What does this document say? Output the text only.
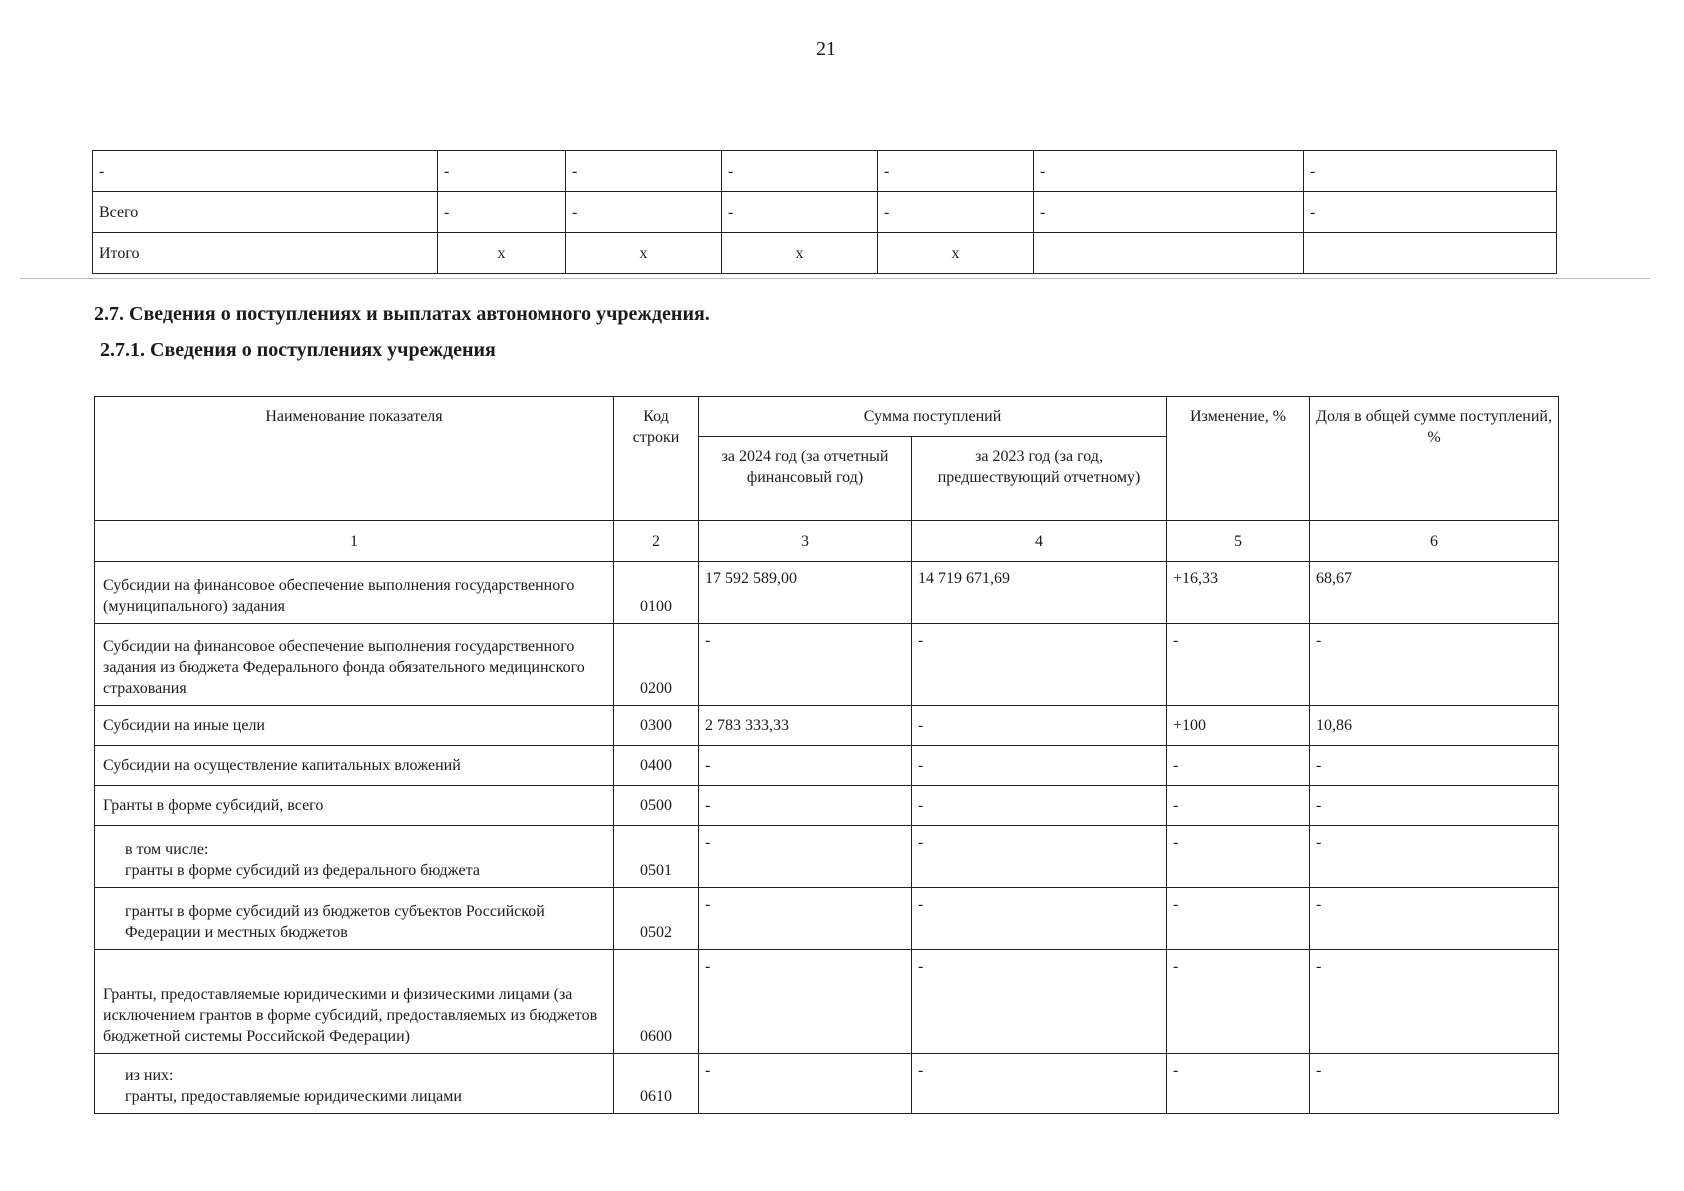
21
-	-	-	-	-	-	-
Всего	-	-	-	-	-	-
Итого	х	х	х	х		
2.7. Сведения о поступлениях и выплатах автономного учреждения.
2.7.1. Сведения о поступлениях учреждения
Наименование показателя	Код строки	Сумма поступлений		Изменение, %	Доля в общей сумме поступлений, %
		за 2024 год (за отчетный финансовый год)	за 2023 год (за год, предшествующий отчетному)		
1	2	3	4	5	6
Субсидии на финансовое обеспечение выполнения государственного (муниципального) задания	0100	17 592 589,00	14 719 671,69	+16,33	68,67
Субсидии на финансовое обеспечение выполнения государственного задания из бюджета Федерального фонда обязательного медицинского страхования	0200	-	-	-	-
Субсидии на иные цели	0300	2 783 333,33	-	+100	10,86
Субсидии на осуществление капитальных вложений	0400	-	-	-	-
Гранты в форме субсидий, всего	0500	-	-	-	-
в том числе:
гранты в форме субсидий из федерального бюджета	0501	-	-	-	-
гранты в форме субсидий из бюджетов субъектов Российской Федерации и местных бюджетов	0502	-	-	-	-
Гранты, предоставляемые юридическими и физическими лицами (за исключением грантов в форме субсидий, предоставляемых из бюджетов бюджетной системы Российской Федерации)	0600	-	-	-	-
из них:
гранты, предоставляемые юридическими лицами	0610	-	-	-	-
